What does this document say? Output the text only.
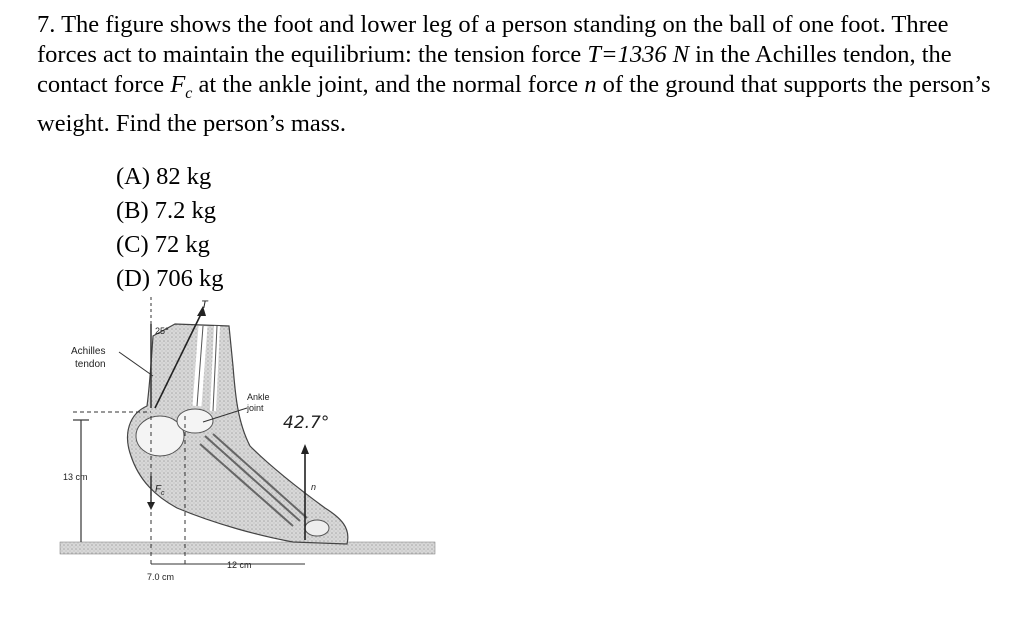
7. The figure shows the foot and lower leg of a person standing on the ball of one foot. Three forces act to maintain the equilibrium: the tension force T=1336 N in the Achilles tendon, the contact force $F_c$ at the ankle joint, and the normal force n of the ground that supports the person’s weight. Find the person’s mass.
(A) 82 kg
(B) 7.2 kg
(C) 72 kg
(D) 706 kg
T
25°
Achilles
tendon
Ankle
joint
42.7°
13 cm
F c
n
7.0 cm
12 cm
